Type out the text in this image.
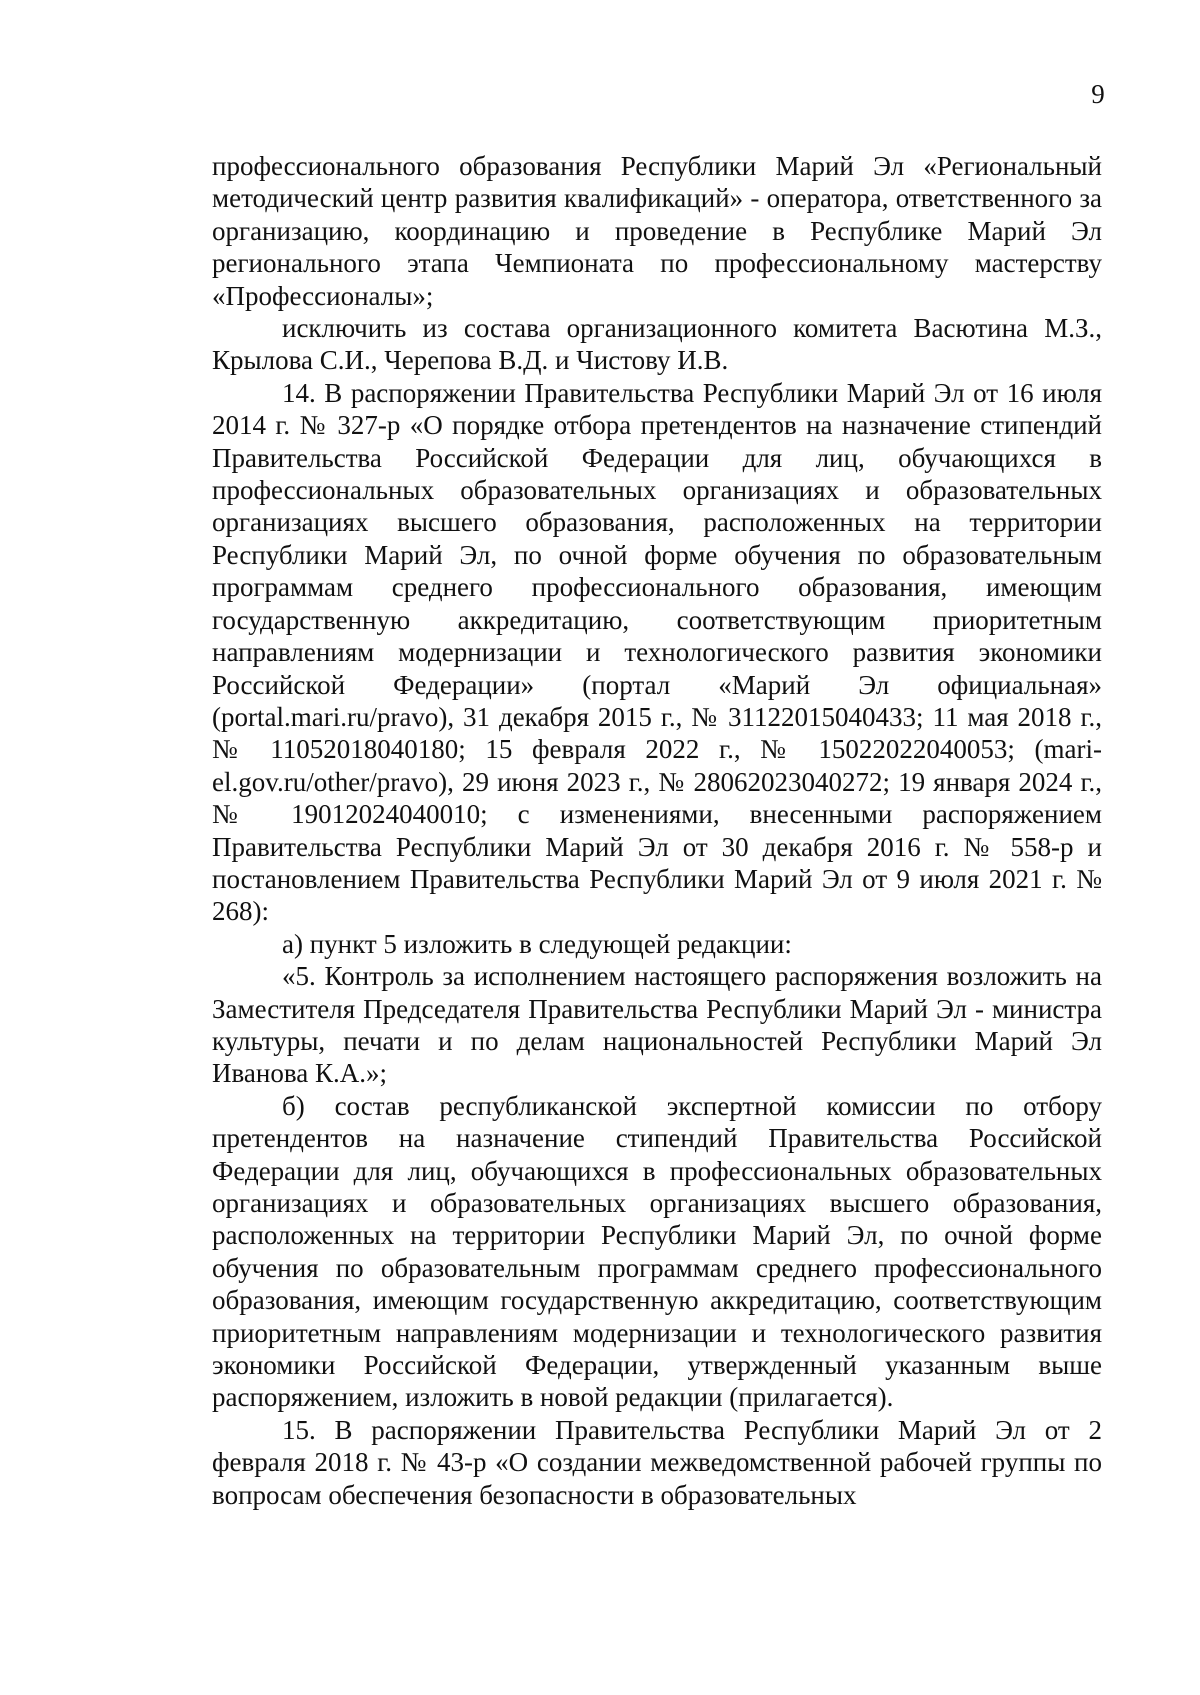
9

профессионального образования Республики Марий Эл «Региональный методический центр развития квалификаций» - оператора, ответственного за организацию, координацию и проведение в Республике Марий Эл регионального этапа Чемпионата по профессиональному мастерству «Профессионалы»;

исключить из состава организационного комитета Васютина М.З., Крылова С.И., Черепова В.Д. и Чистову И.В.

14. В распоряжении Правительства Республики Марий Эл от 16 июля 2014 г. № 327-р «О порядке отбора претендентов на назначение стипендий Правительства Российской Федерации для лиц, обучающихся в профессиональных образовательных организациях и образовательных организациях высшего образования, расположенных на территории Республики Марий Эл, по очной форме обучения по образовательным программам среднего профессионального образования, имеющим государственную аккредитацию, соответствующим приоритетным направлениям модернизации и технологического развития экономики Российской Федерации» (портал «Марий Эл официальная» (portal.mari.ru/pravo), 31 декабря 2015 г., № 31122015040433; 11 мая 2018 г., № 11052018040180; 15 февраля 2022 г., № 15022022040053; (mari-el.gov.ru/other/pravo), 29 июня 2023 г., № 28062023040272; 19 января 2024 г., № 19012024040010; с изменениями, внесенными распоряжением Правительства Республики Марий Эл от 30 декабря 2016 г. № 558-р и постановлением Правительства Республики Марий Эл от 9 июля 2021 г. № 268):

а) пункт 5 изложить в следующей редакции:

«5. Контроль за исполнением настоящего распоряжения возложить на Заместителя Председателя Правительства Республики Марий Эл - министра культуры, печати и по делам национальностей Республики Марий Эл Иванова К.А.»;

б) состав республиканской экспертной комиссии по отбору претендентов на назначение стипендий Правительства Российской Федерации для лиц, обучающихся в профессиональных образовательных организациях и образовательных организациях высшего образования, расположенных на территории Республики Марий Эл, по очной форме обучения по образовательным программам среднего профессионального образования, имеющим государственную аккредитацию, соответствующим приоритетным направлениям модернизации и технологического развития экономики Российской Федерации, утвержденный указанным выше распоряжением, изложить в новой редакции (прилагается).

15. В распоряжении Правительства Республики Марий Эл от 2 февраля 2018 г. № 43-р «О создании межведомственной рабочей группы по вопросам обеспечения безопасности в образовательных
